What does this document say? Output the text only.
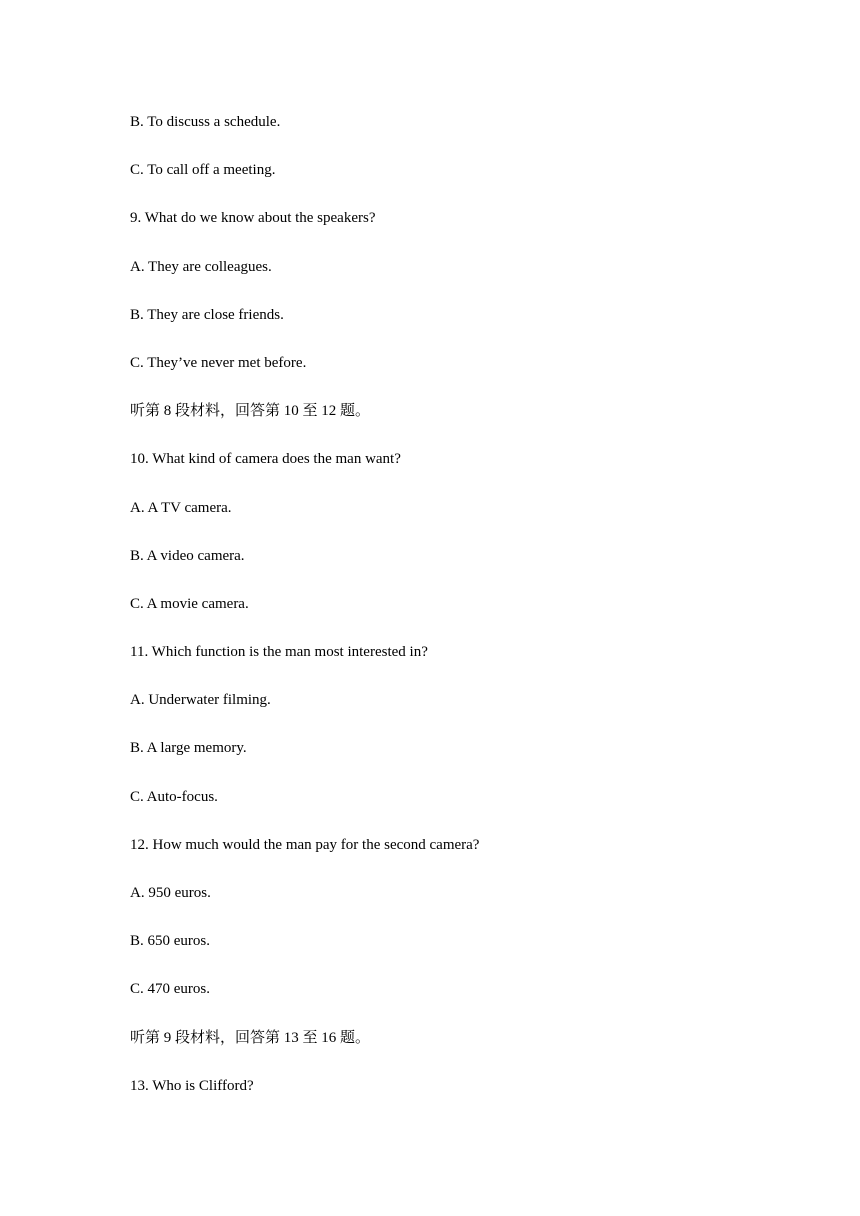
B. To discuss a schedule.
C. To call off a meeting.
9. What do we know about the speakers?
A. They are colleagues.
B. They are close friends.
C. They’ve never met before.
听第 8 段材料，回答第 10 至 12 题。
10. What kind of camera does the man want?
A. A TV camera.
B. A video camera.
C. A movie camera.
11. Which function is the man most interested in?
A. Underwater filming.
B. A large memory.
C. Auto-focus.
12. How much would the man pay for the second camera?
A. 950 euros.
B. 650 euros.
C. 470 euros.
听第 9 段材料，回答第 13 至 16 题。
13. Who is Clifford?
